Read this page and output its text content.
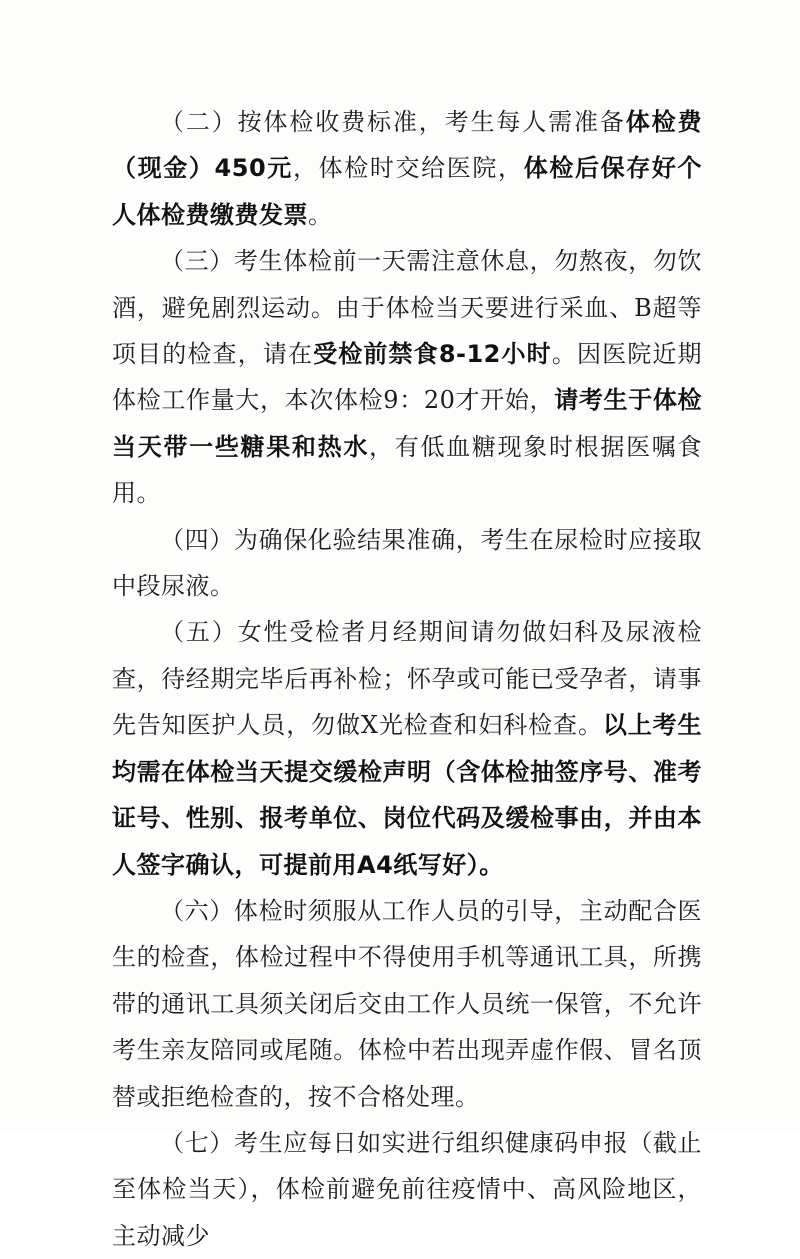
（二）按体检收费标准，考生每人需准备体检费（现金）450元，体检时交给医院，体检后保存好个人体检费缴费发票。

（三）考生体检前一天需注意休息，勿熬夜，勿饮酒，避免剧烈运动。由于体检当天要进行采血、B超等项目的检查，请在受检前禁食8-12小时。因医院近期体检工作量大，本次体检9：20才开始，请考生于体检当天带一些糖果和热水，有低血糖现象时根据医嘱食用。

（四）为确保化验结果准确，考生在尿检时应接取中段尿液。

（五）女性受检者月经期间请勿做妇科及尿液检查，待经期完毕后再补检；怀孕或可能已受孕者，请事先告知医护人员，勿做X光检查和妇科检查。以上考生均需在体检当天提交缓检声明（含体检抽签序号、准考证号、性别、报考单位、岗位代码及缓检事由，并由本人签字确认，可提前用A4纸写好）。

（六）体检时须服从工作人员的引导，主动配合医生的检查，体检过程中不得使用手机等通讯工具，所携带的通讯工具须关闭后交由工作人员统一保管，不允许考生亲友陪同或尾随。体检中若出现弄虚作假、冒名顶替或拒绝检查的，按不合格处理。

（七）考生应每日如实进行组织健康码申报（截止至体检当天），体检前避免前往疫情中、高风险地区，主动减少
